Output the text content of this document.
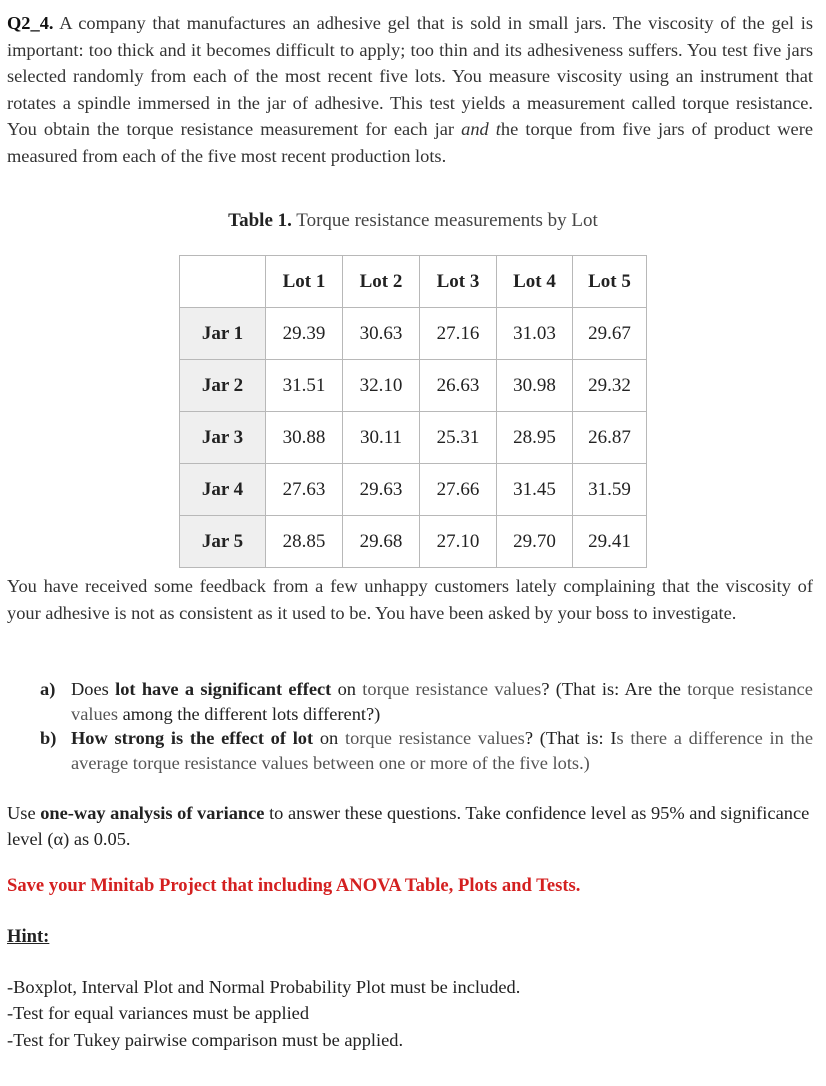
Q2_4. A company that manufactures an adhesive gel that is sold in small jars. The viscosity of the gel is important: too thick and it becomes difficult to apply; too thin and its adhesiveness suffers. You test five jars selected randomly from each of the most recent five lots. You measure viscosity using an instrument that rotates a spindle immersed in the jar of adhesive. This test yields a measurement called torque resistance. You obtain the torque resistance measurement for each jar and the torque from five jars of product were measured from each of the five most recent production lots.
Table 1. Torque resistance measurements by Lot
	Lot 1	Lot 2	Lot 3	Lot 4	Lot 5
Jar 1	29.39	30.63	27.16	31.03	29.67
Jar 2	31.51	32.10	26.63	30.98	29.32
Jar 3	30.88	30.11	25.31	28.95	26.87
Jar 4	27.63	29.63	27.66	31.45	31.59
Jar 5	28.85	29.68	27.10	29.70	29.41
You have received some feedback from a few unhappy customers lately complaining that the viscosity of your adhesive is not as consistent as it used to be. You have been asked by your boss to investigate.
a) Does lot have a significant effect on torque resistance values? (That is: Are the torque resistance values among the different lots different?)
b) How strong is the effect of lot on torque resistance values? (That is: Is there a difference in the average torque resistance values between one or more of the five lots.)
Use one-way analysis of variance to answer these questions. Take confidence level as 95% and significance level (α) as 0.05.
Save your Minitab Project that including ANOVA Table, Plots and Tests.
Hint:
-Boxplot, Interval Plot and Normal Probability Plot must be included.
-Test for equal variances must be applied
-Test for Tukey pairwise comparison must be applied.
